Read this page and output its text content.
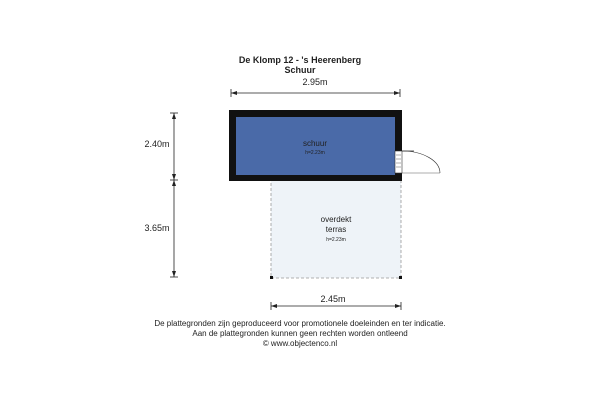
De Klomp 12 - 's Heerenberg
Schuur
2.95m
2.40m
3.65m
overdekt
terras
h=2.23m
schuur
h=2.23m
2.45m
De plattegronden zijn geproduceerd voor promotionele doeleinden en ter indicatie.
Aan de plattegronden kunnen geen rechten worden ontleend
© www.objectenco.nl
